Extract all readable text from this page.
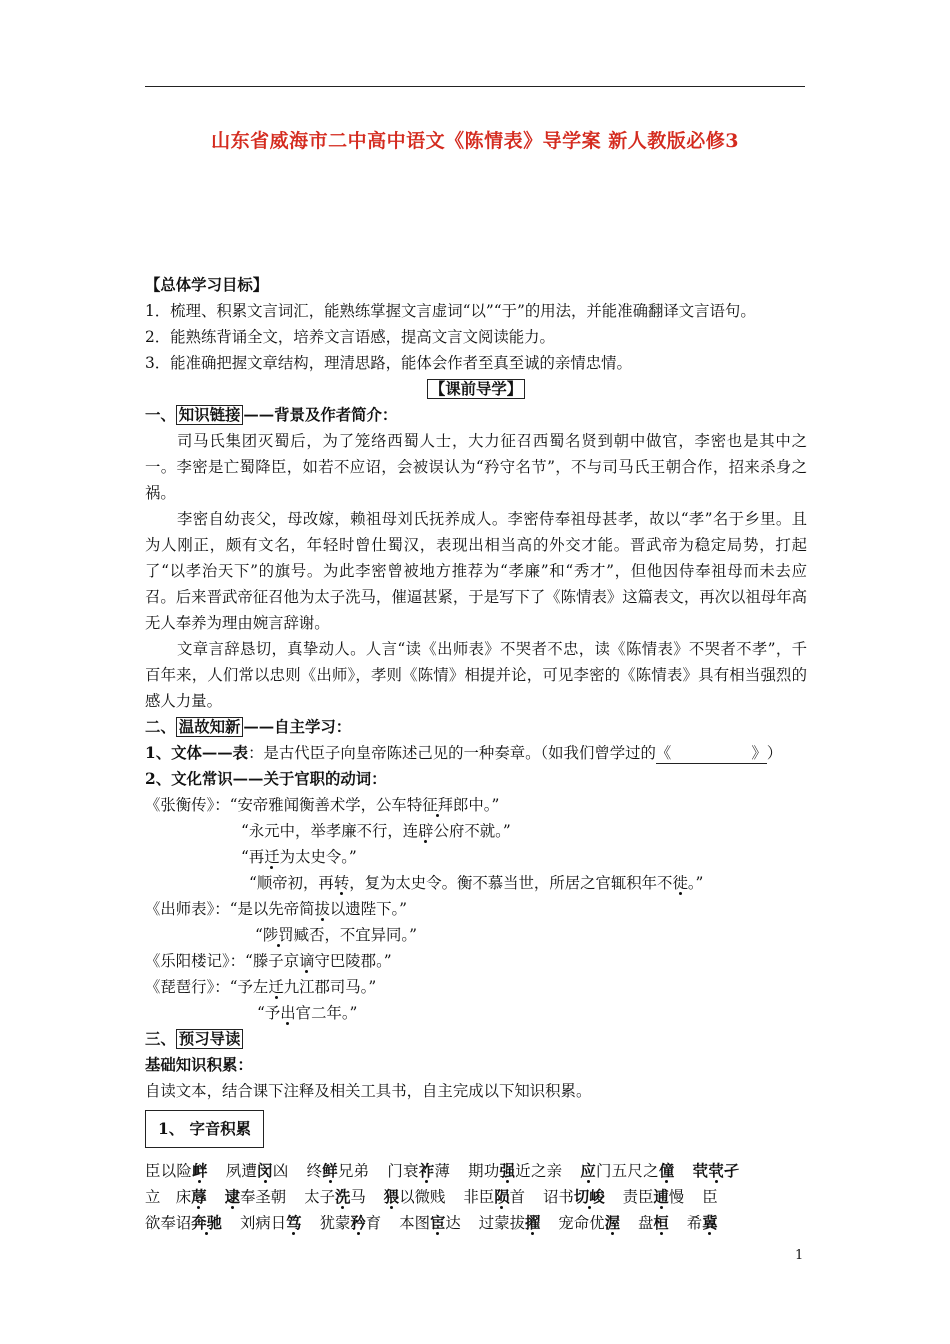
山东省威海市二中高中语文《陈情表》导学案 新人教版必修3

【总体学习目标】

1．梳理、积累文言词汇，能熟练掌握文言虚词“以”“于”的用法，并能准确翻译文言语句。

2．能熟练背诵全文，培养文言语感，提高文言文阅读能力。

3．能准确把握文章结构，理清思路，能体会作者至真至诚的亲情忠情。

【课前导学】

一、 知识链接 ——背景及作者简介：

司马氏集团灭蜀后，为了笼络西蜀人士，大力征召西蜀名贤到朝中做官，李密也是其中之一。李密是亡蜀降臣，如若不应诏，会被误认为“矜守名节”，不与司马氏王朝合作，招来杀身之祸。

李密自幼丧父，母改嫁，赖祖母刘氏抚养成人。李密侍奉祖母甚孝，故以“孝”名于乡里。且为人刚正，颇有文名，年轻时曾仕蜀汉，表现出相当高的外交才能。晋武帝为稳定局势，打起了“以孝治天下”的旗号。为此李密曾被地方推荐为“孝廉”和“秀才”，但他因侍奉祖母而未去应召。后来晋武帝征召他为太子洗马，催逼甚紧，于是写下了《陈情表》这篇表文，再次以祖母年高无人奉养为理由婉言辞谢。

文章言辞恳切，真挚动人。人言“读《出师表》不哭者不忠，读《陈情表》不哭者不孝”，千百年来，人们常以忠则《出师》，孝则《陈情》相提并论，可见李密的《陈情表》具有相当强烈的感人力量。

二、 温故知新 ——自主学习：

1、文体——表：是古代臣子向皇帝陈述己见的一种奏章。（如我们曾学过的《	》）

2、文化常识——关于官职的动词：

《张衡传》：“安帝雅闻衡善术学，公车特征拜郎中。”

“永元中，举孝廉不行，连辟公府不就。”

“再迁为太史令。”

“顺帝初，再转，复为太史令。衡不慕当世，所居之官辄积年不徙。”

《出师表》：“是以先帝简拔以遗陛下。”

“陟罚臧否，不宜异同。”

《乐阳楼记》：“滕子京谪守巴陵郡。”

《琵琶行》：“予左迁九江郡司马。”

“予出官二年。”

三、 预习导读

基础知识积累：

自读文本，结合课下注释及相关工具书，自主完成以下知识积累。

1、 字音积累

臣以险衅 夙遭闵凶 终鲜兄弟 门衰祚薄 期功强近之亲 应门五尺之僮 茕茕孑

立　床蓐 逮奉圣朝 太子洗马 猥以微贱 非臣陨首 诏书切峻 责臣逋慢 臣

欲奉诏奔驰 刘病日笃 犹蒙矜育 本图宦达 过蒙拔擢 宠命优渥 盘桓 希冀

1
